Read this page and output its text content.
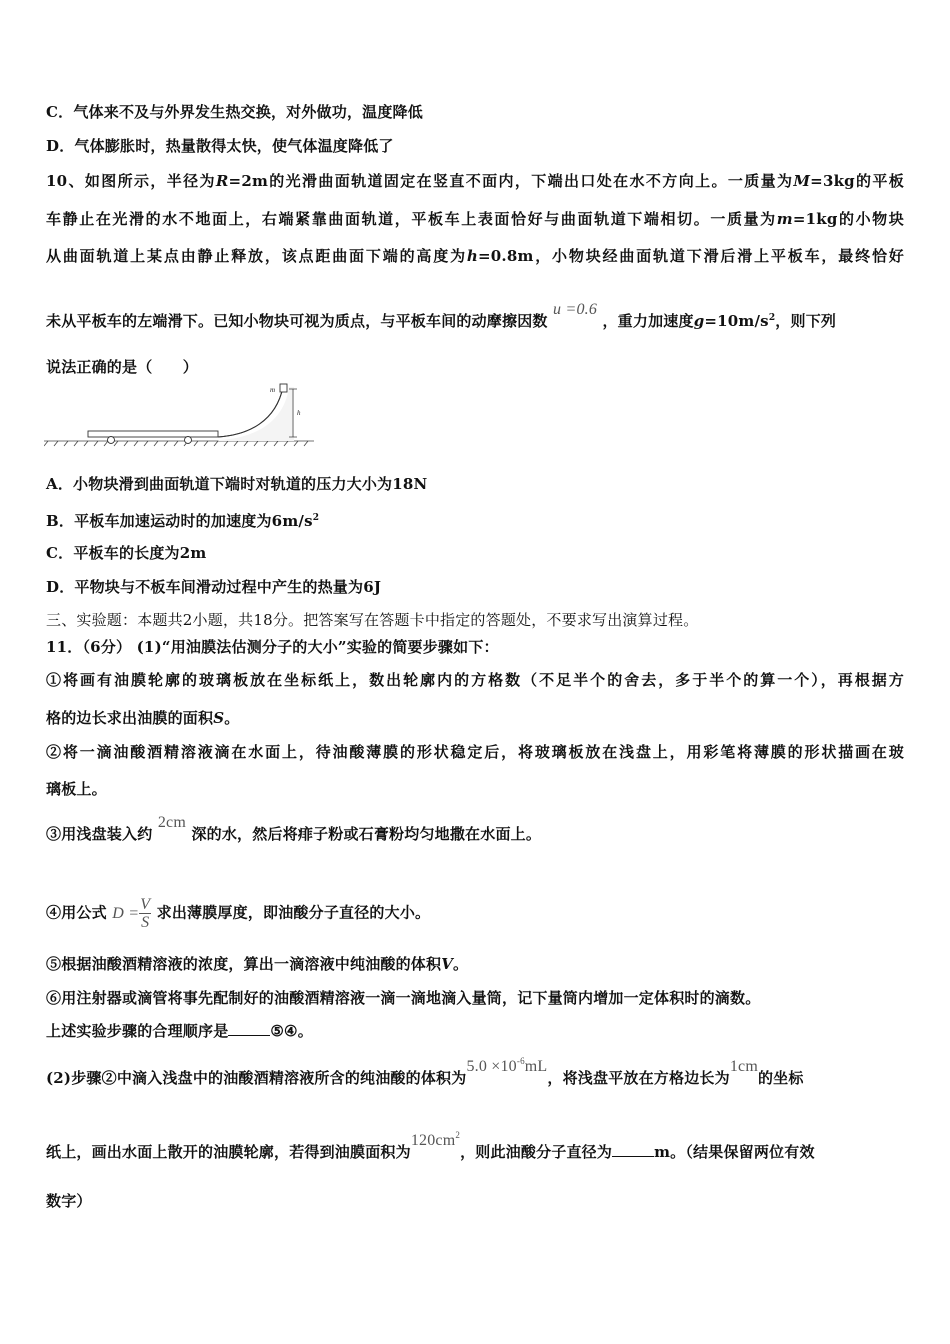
C．气体来不及与外界发生热交换，对外做功，温度降低
D．气体膨胀时，热量散得太快，使气体温度降低了
10、如图所示，半径为R=2m的光滑曲面轨道固定在竖直不面内，下端出口处在水不方向上。一质量为M=3kg的平板
车静止在光滑的水不地面上，右端紧靠曲面轨道，平板车上表面恰好与曲面轨道下端相切。一质量为m=1kg的小物块
从曲面轨道上某点由静止释放，该点距曲面下端的高度为h=0.8m，小物块经曲面轨道下滑后滑上平板车，最终恰好
未从平板车的左端滑下。已知小物块可视为质点，与平板车间的动摩擦因数 u =0.6 ，重力加速度$g=10m/s^2$，则下列
说法正确的是（　　）
m
h
A．小物块滑到曲面轨道下端时对轨道的压力大小为18N
B．平板车加速运动时的加速度为$6m/s^2$
C．平板车的长度为2m
D．平物块与不板车间滑动过程中产生的热量为6J
三、实验题：本题共2小题，共18分。把答案写在答题卡中指定的答题处，不要求写出演算过程。
11．（6分） (1)“用油膜法估测分子的大小”实验的简要步骤如下：
①将画有油膜轮廓的玻璃板放在坐标纸上，数出轮廓内的方格数（不足半个的舍去，多于半个的算一个），再根据方
格的边长求出油膜的面积S。
②将一滴油酸酒精溶液滴在水面上，待油酸薄膜的形状稳定后，将玻璃板放在浅盘上，用彩笔将薄膜的形状描画在玻
璃板上。
③用浅盘装入约 2cm 深的水，然后将痱子粉或石膏粉均匀地撒在水面上。
④用公式 $D = \frac{V}{S}$ 求出薄膜厚度，即油酸分子直径的大小。
⑤根据油酸酒精溶液的浓度，算出一滴溶液中纯油酸的体积V。
⑥用注射器或滴管将事先配制好的油酸酒精溶液一滴一滴地滴入量筒，记下量筒内增加一定体积时的滴数。
上述实验步骤的合理顺序是	⑤④。
(2)步骤②中滴入浅盘中的油酸酒精溶液所含的纯油酸的体积为$5.0 \times 10^{-6}mL$，将浅盘平放在方格边长为1cm的坐标
纸上，画出水面上散开的油膜轮廓，若得到油膜面积为$120cm^2$，则此油酸分子直径为	m。（结果保留两位有效
数字）
